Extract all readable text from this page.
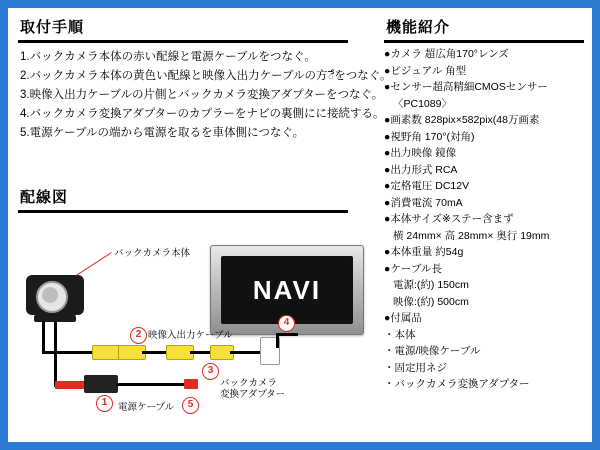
取付手順
1.バックカメラ本体の赤い配線と電源ケーブルをつなぐ。
2.バックカメラ本体の黄色い配線と映像入出力ケーブルの方ేをつなぐ。
3.映像入出力ケーブルの片側とバックカメラ変換アダプターをつなぐ。
4.バックカメラ変換アダプターのカプラーをナビの裏側にに接続する。
5.電源ケーブルの端から電源を取るを車体側につなぐ。
配線図
NAVI
バックカメラ本体
1
2
3
4
5
映像入出力ケーブル
バックカメラ
変換アダプター
電源ケーブル
機能紹介
●カメラ 超広角170°レンズ
●ビジュアル 角型
●センサー超高精細CMOSセンサー
〈PC1089〉
●画素数 828pix×582pix(48万画素
●視野角 170°(対角)
●出力映像 鏡像
●出力形式 RCA
●定格電圧 DC12V
●消費電流 70mA
●本体サイズ※ステー含まず
横 24mm× 高 28mm× 奥行 19mm
●本体重量 約54g
●ケーブル長
電源:(約) 150cm
映像:(約) 500cm
●付属品
・本体
・電源/映像ケーブル
・固定用ネジ
・バックカメラ変換アダプター
